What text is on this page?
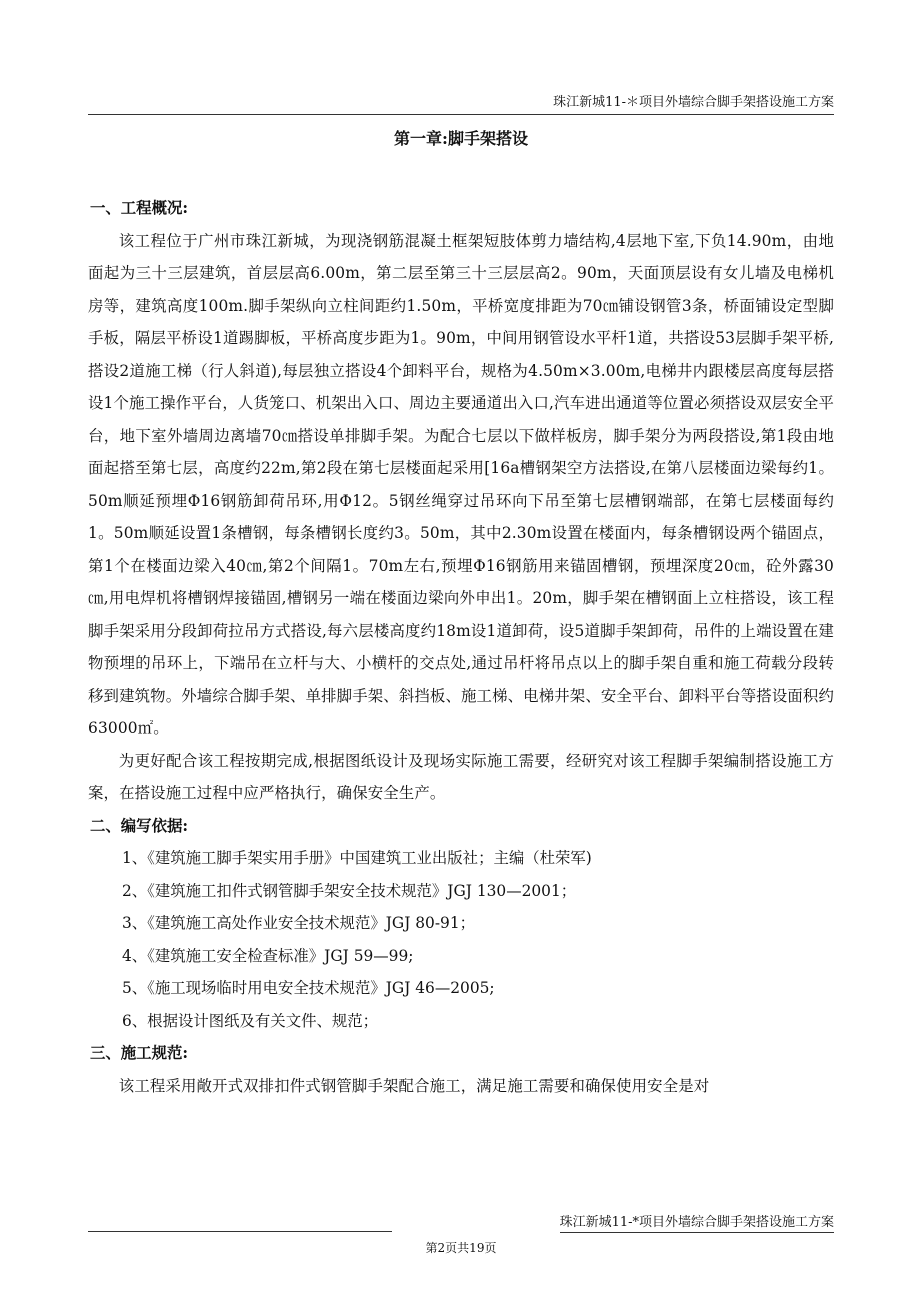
珠江新城11-＊项目外墙综合脚手架搭设施工方案
第一章:脚手架搭设

一、工程概况:

该工程位于广州市珠江新城，为现浇钢筋混凝土框架短肢体剪力墙结构,4层地下室,下负14.90m，由地面起为三十三层建筑，首层层高6.00m，第二层至第三十三层层高2。90m，天面顶层设有女儿墙及电梯机房等，建筑高度100m.脚手架纵向立柱间距约1.50m，平桥宽度排距为70㎝铺设钢管3条，桥面铺设定型脚手板，隔层平桥设1道踢脚板，平桥高度步距为1。90m，中间用钢管设水平杆1道，共搭设53层脚手架平桥,搭设2道施工梯（行人斜道),每层独立搭设4个卸料平台，规格为4.50m×3.00m,电梯井内跟楼层高度每层搭设1个施工操作平台，人货笼口、机架出入口、周边主要通道出入口,汽车进出通道等位置必须搭设双层安全平台，地下室外墙周边离墙70㎝搭设单排脚手架。为配合七层以下做样板房，脚手架分为两段搭设,第1段由地面起搭至第七层，高度约22m,第2段在第七层楼面起采用[16a槽钢架空方法搭设,在第八层楼面边梁每约1。50m顺延预埋Φ16钢筋卸荷吊环,用Φ12。5钢丝绳穿过吊环向下吊至第七层槽钢端部，在第七层楼面每约1。50m顺延设置1条槽钢，每条槽钢长度约3。50m，其中2.30m设置在楼面内，每条槽钢设两个锚固点，第1个在楼面边梁入40㎝,第2个间隔1。70m左右,预埋Φ16钢筋用来锚固槽钢，预埋深度20㎝，砼外露30㎝,用电焊机将槽钢焊接锚固,槽钢另一端在楼面边梁向外申出1。20m，脚手架在槽钢面上立柱搭设，该工程脚手架采用分段卸荷拉吊方式搭设,每六层楼高度约18m设1道卸荷，设5道脚手架卸荷，吊件的上端设置在建物预埋的吊环上，下端吊在立杆与大、小横杆的交点处,通过吊杆将吊点以上的脚手架自重和施工荷载分段转移到建筑物。外墙综合脚手架、单排脚手架、斜挡板、施工梯、电梯井架、安全平台、卸料平台等搭设面积约63000㎡。

为更好配合该工程按期完成,根据图纸设计及现场实际施工需要，经研究对该工程脚手架编制搭设施工方案，在搭设施工过程中应严格执行，确保安全生产。

二、编写依据:

1、《建筑施工脚手架实用手册》中国建筑工业出版社；主编（杜荣军)
2、《建筑施工扣件式钢管脚手架安全技术规范》JGJ 130—2001；
3、《建筑施工高处作业安全技术规范》JGJ 80-91；
4、《建筑施工安全检查标准》JGJ 59—99;
5、《施工现场临时用电安全技术规范》JGJ 46—2005;
6、根据设计图纸及有关文件、规范；

三、施工规范:

该工程采用敞开式双排扣件式钢管脚手架配合施工，满足施工需要和确保使用安全是对

珠江新城11-*项目外墙综合脚手架搭设施工方案
第2页共19页
